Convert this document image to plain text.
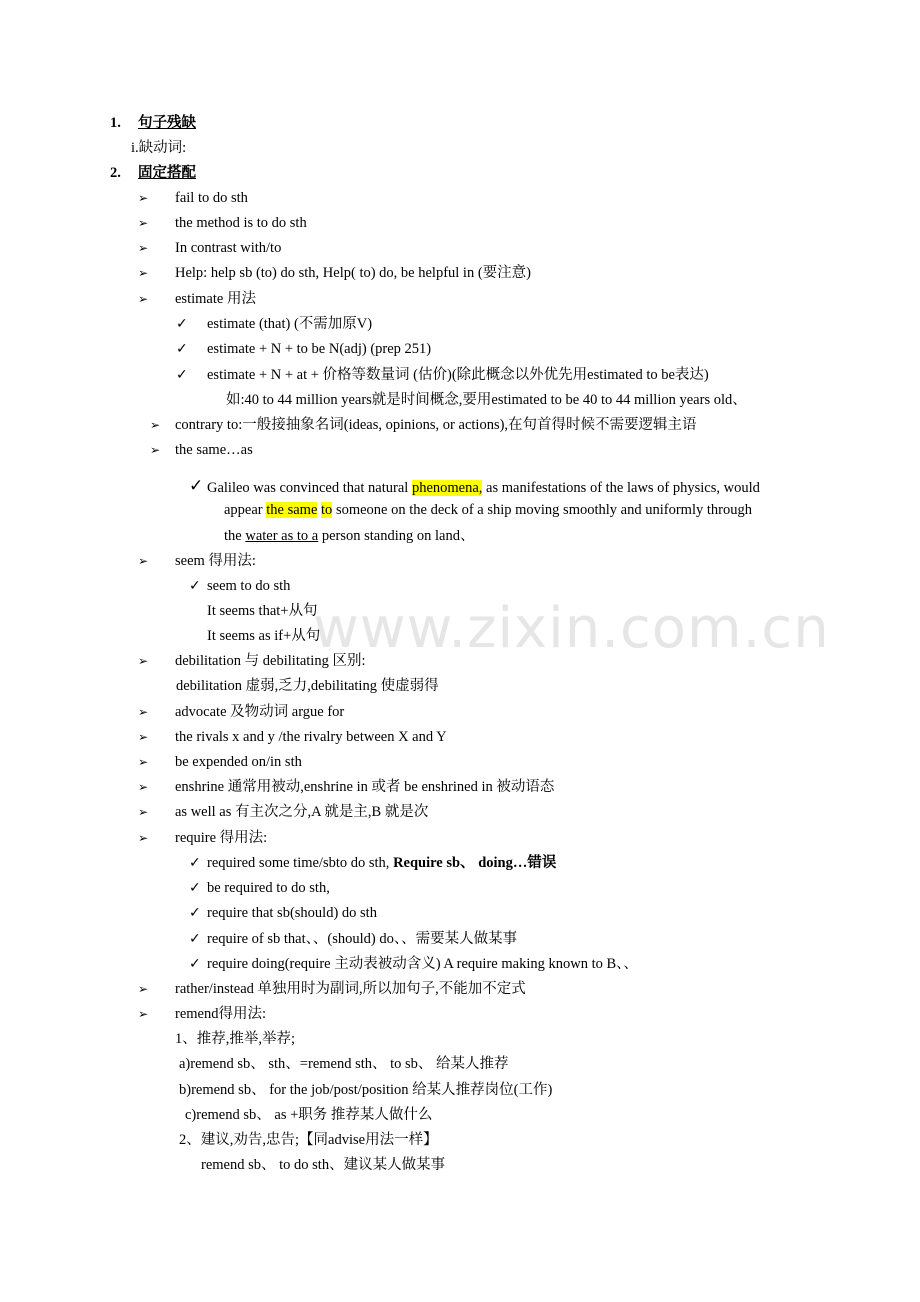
www.zixin.com.cn
1. 句子残缺
i.缺动词:
2. 固定搭配
➢ fail to do sth
➢ the method is to do sth
➢ In contrast with/to
➢ Help: help sb (to) do sth, Help( to) do, be helpful in (要注意)
➢ estimate 用法
✓ estimate (that) (不需加原V)
✓ estimate + N + to be N(adj) (prep 251)
✓ estimate + N + at + 价格等数量词 (估价)(除此概念以外优先用estimated to be表达)
如:40 to 44 million years就是时间概念,要用estimated to be 40 to 44 million years old、
➢ contrary to:一般接抽象名词(ideas, opinions, or actions),在句首得时候不需要逻辑主语
➢ the same…as
✓ Galileo was convinced that natural phenomena, as manifestations of the laws of physics, would
appear the same to someone on the deck of a ship moving smoothly and uniformly through
the water as to a person standing on land、
➢ seem 得用法:
✓ seem to do sth
It seems that+从句
It seems as if+从句
➢ debilitation 与 debilitating 区别:
debilitation 虚弱,乏力,debilitating 使虚弱得
➢ advocate 及物动词 argue for
➢ the rivals x and y /the rivalry between X and Y
➢ be expended on/in sth
➢ enshrine 通常用被动,enshrine in 或者 be enshrined in 被动语态
➢ as well as 有主次之分,A 就是主,B 就是次
➢ require 得用法:
✓ required some time/sbto do sth, Require sb、 doing…错误
✓ be required to do sth,
✓ require that sb(should) do sth
✓ require of sb that、、(should) do、、需要某人做某事
✓ require doing(require 主动表被动含义) A require making known to B、、
➢ rather/instead 单独用时为副词,所以加句子,不能加不定式
➢ remend得用法:
1、推荐,推举,举荐;
a)remend sb、 sth、=remend sth、 to sb、 给某人推荐
b)remend sb、 for the job/post/position 给某人推荐岗位(工作)
c)remend sb、 as +职务 推荐某人做什么
2、建议,劝告,忠告;【同advise用法一样】
remend sb、 to do sth、建议某人做某事
